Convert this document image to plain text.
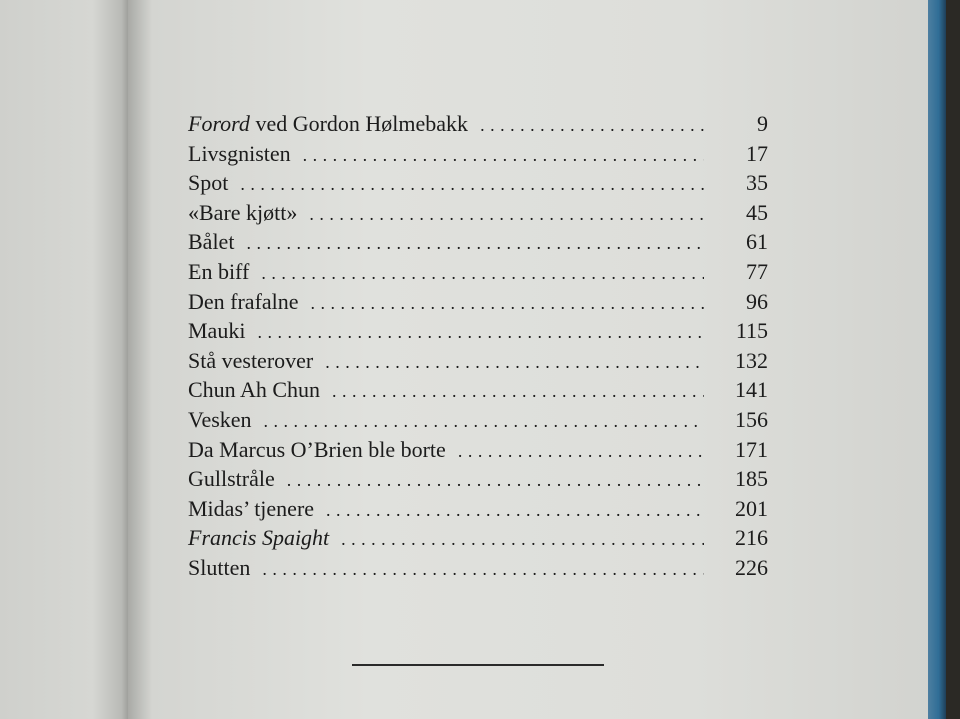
Forord ved Gordon Hølmebakk . . .	9
Livsgnisten . . .	17
Spot . . .	35
«Bare kjøtt» . . .	45
Bålet . . .	61
En biff . . .	77
Den frafalne . . .	96
Mauki . . .	115
Stå vesterover . . .	132
Chun Ah Chun . . .	141
Vesken . . .	156
Da Marcus O’Brien ble borte . . .	171
Gullstråle . . .	185
Midas’ tjenere . . .	201
Francis Spaight . . .	216
Slutten . . .	226
